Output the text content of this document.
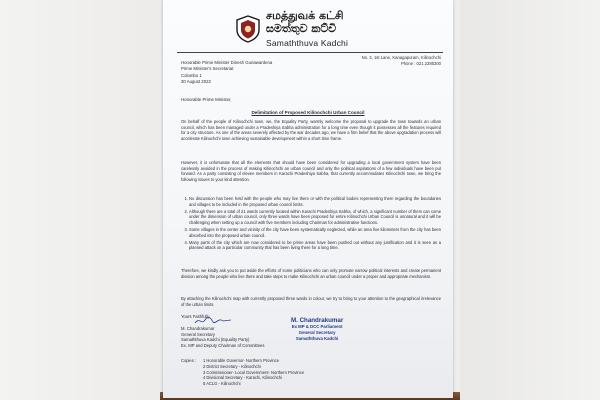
சமத்துவக் கட்சி
සමත්තුව කට්චි
Samaththuva Kadchi
No. 3, 1st Lane, Kanagapuram, Kilinochchi
Phone : 021 2285300
Honorable Prime Minister Dinesh Gunawardena
Prime Minister's Secretariat
Colombo 1
30 August 2022
Honorable Prime Minister,
Delimitation of Proposed Kilinochchi Urban Council

On behalf of the people of Kilinochchi town, we, the Equality Party, warmly welcome the proposal to upgrade the town towards an urban council, which has been managed under a Pradeshiya Sabha administration for a long time even though it possesses all the features required for a city structure. As one of the areas severely affected by the war decades ago, we have a firm belief that the above upgradation process will accelerate Kilinochchi town achieving sustainable development within a short time frame.

However, it is unfortunate that all the elements that should have been considered for upgrading a local government system have been carelessly avoided in the process of making Kilinochchi an urban council and only the political aspirations of a few individuals have been put forward. As a party consisting of eleven members in Karachi Pradeshiya Sabha, that currently accommodates Kilinochchi town, we bring the following issues to your kind attention.

1. No discussion has been held with the people who may live there or with the political bodies representing them regarding the boundaries and villages to be included in the proposed urban council limits.
2. Although there are a total of 21 wards currently located within Karachi Pradeshiya Sabha, of which, a significant number of them can come under the dimension of urban council, only three wards have been proposed for entire Kilinochchi Urban Council is unnatural and it will be challenging when setting up a council with five members including Chairman for administrative functions.
3. Some villages in the center and vicinity of the city have been systematically neglected, while an area five kilometers from the city has been absorbed into the proposed urban council.
4. Many parts of the city which are now considered to be prime areas have been pushed out without any justification and it is seen as a planned attack on a particular community that has been living there for a long time.

Therefore, we kindly ask you to put aside the efforts of some politicians who can only promote narrow political interests and create permanent division among the people who live there and take steps to make Kilinochchi an urban council under a proper and appropriate mechanism.

By attaching the Kilinochchi map with currently proposed three wards in colour, we try to bring to your attention to the geographical irrelevance of the urban limits.

Yours Faithfully
M. Chandrakumar
General Secretary
Samaththuva Kadchi (Equality Party)
Ex. MP and Deputy Chairman of Committees
M. Chandrakumar
Ex MP & DCC Parliament
General Secretary
Samaththuva Kadchi
Copies :	1 Honorable Governor- Northern Province
2 District Secretary - Kilinochchi
3 Commissioner- Local Government- Northern Province
4 Divisional Secretary - Karachi, Kilinochchi
5 ACLG - Kilinochchi
